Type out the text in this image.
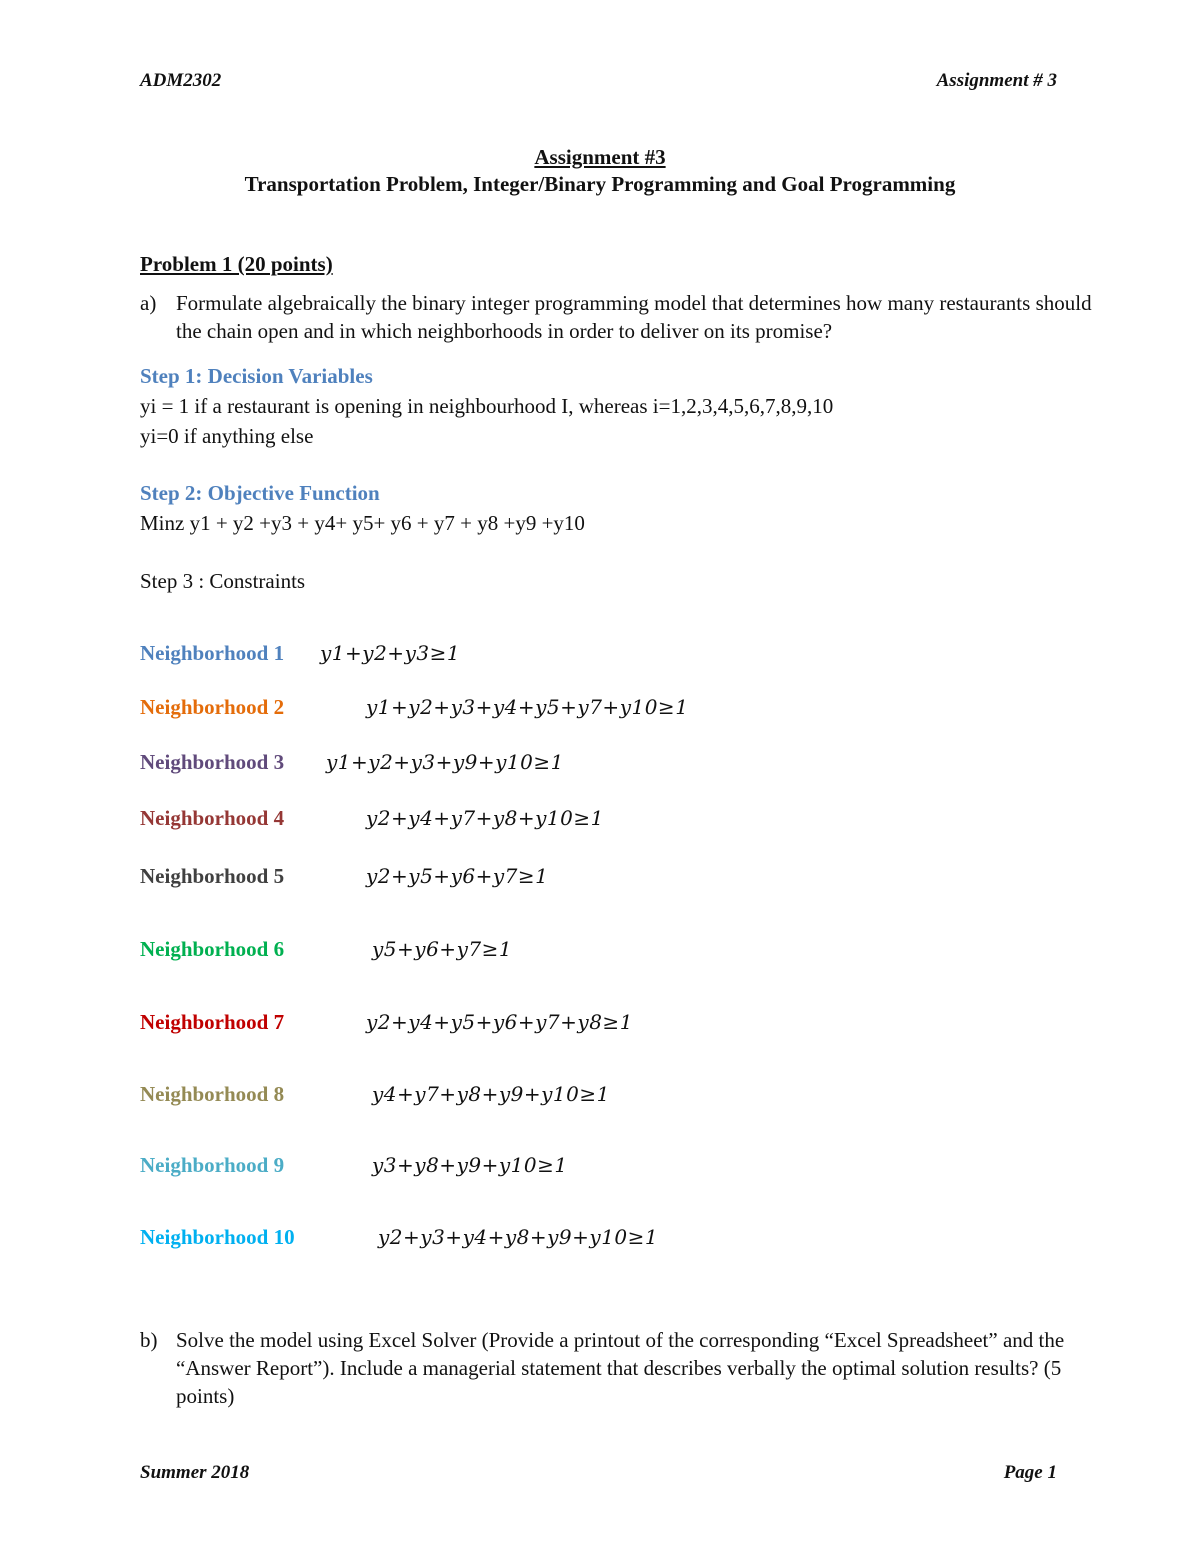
ADM2302	Assignment # 3
Assignment #3
Transportation Problem, Integer/Binary Programming and Goal Programming
Problem 1 (20 points)
a) Formulate algebraically the binary integer programming model that determines how many restaurants should the chain open and in which neighborhoods in order to deliver on its promise?
Step 1: Decision Variables
yi = 1 if a restaurant is opening in neighbourhood I, whereas i=1,2,3,4,5,6,7,8,9,10
yi=0 if anything else
Step 2: Objective Function
Minz y1 + y2 +y3 + y4+ y5+ y6 + y7 + y8 +y9 +y10
Step 3 : Constraints
Neighborhood 1 y1+y2+y3≥1
Neighborhood 2	y1+y2+y3+y4+y5+y7+y10≥1
Neighborhood 3 y1+y2+y3+y9+y10≥1
Neighborhood 4	y2+y4+y7+y8+y10≥1
Neighborhood 5	y2+y5+y6+y7≥1
Neighborhood 6	y5+y6+y7≥1
Neighborhood 7	y2+y4+y5+y6+y7+y8≥1
Neighborhood 8	y4+y7+y8+y9+y10≥1
Neighborhood 9	y3+y8+y9+y10≥1
Neighborhood 10	y2+y3+y4+y8+y9+y10≥1
b) Solve the model using Excel Solver (Provide a printout of the corresponding “Excel Spreadsheet” and the “Answer Report”). Include a managerial statement that describes verbally the optimal solution results? (5 points)
Summer 2018	Page 1
